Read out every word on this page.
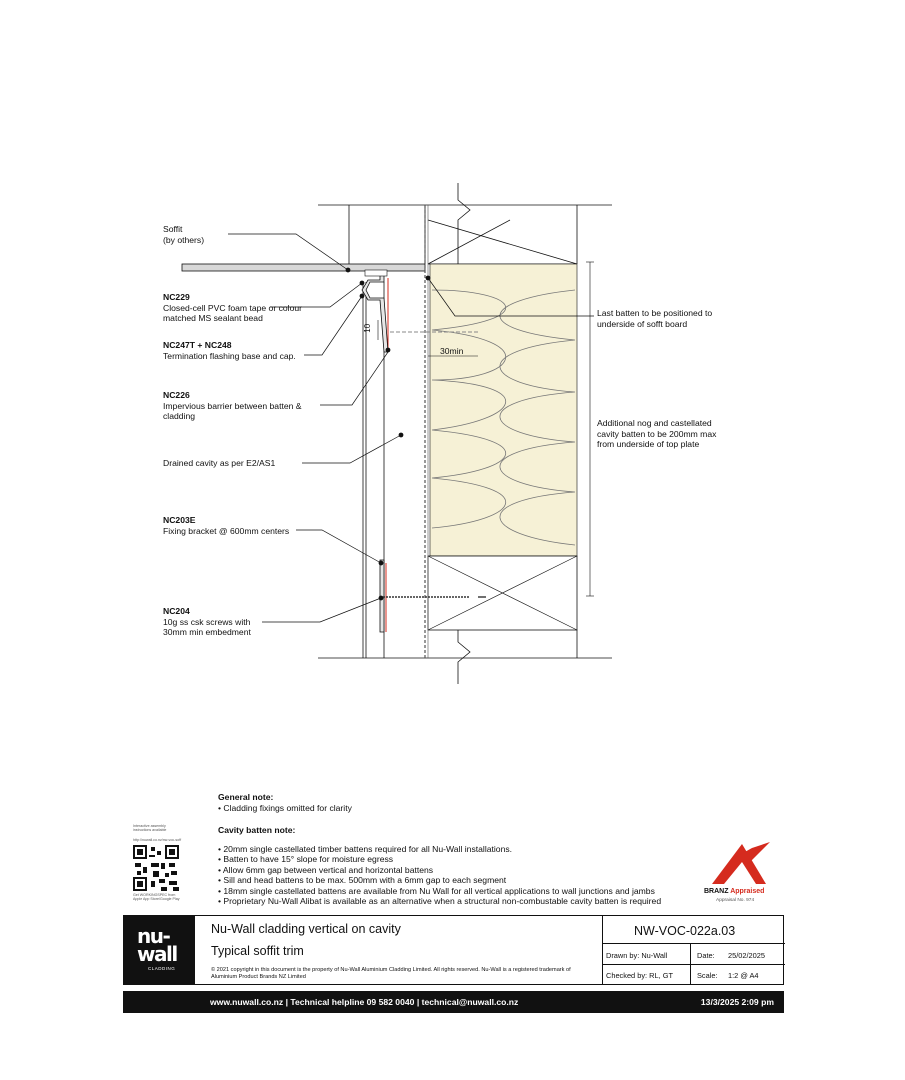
Soffit
(by others)
NC229
Closed-cell PVC foam tape or colour
matched MS sealant bead
NC247T + NC248
Termination flashing base and cap.
NC226
Impervious barrier between batten &
cladding
Drained cavity as per E2/AS1
NC203E
Fixing bracket @ 600mm centers
NC204
10g ss csk screws with
30mm min embedment
Last batten to be positioned to
underside of sofft board
Additional nog and castellated
cavity batten to be 200mm max
from underside of top plate
10
30min
General note:
• Cladding fixings omitted for clarity
Cavity batten note:
• 20mm single castellated timber battens required for all Nu-Wall installations.
• Batten to have 15° slope for moisture egress
• Allow 6mm gap between vertical and horizontal battens
• Sill and head battens to be max. 500mm with a 6mm gap to each segment
• 18mm single castellated battens are available from Nu Wall for all vertical applications to wall junctions and jambs
• Proprietary Nu-Wall Alibat is available as an alternative when a structural non-combustable cavity batten is required
Interactive assembly instructions available
http://nuwall.co.nz/nw-voc-soff
Get WORKINGSPEC from Apple App Store/Google Play
BRANZ Appraised
Appraisal No. 974
nu-
wall
CLADDING
Nu-Wall cladding vertical on cavity
Typical soffit trim
© 2021 copyright in this document is the property of Nu-Wall Aluminium Cladding Limited. All rights reserved. Nu-Wall is a registered trademark of Aluminium Product Brands NZ Limited
NW-VOC-022a.03
Drawn by: Nu-Wall	Date: 25/02/2025
Checked by: RL, GT	Scale: 1:2 @ A4
www.nuwall.co.nz | Technical helpline 09 582 0040 | technical@nuwall.co.nz	13/3/2025 2:09 pm
